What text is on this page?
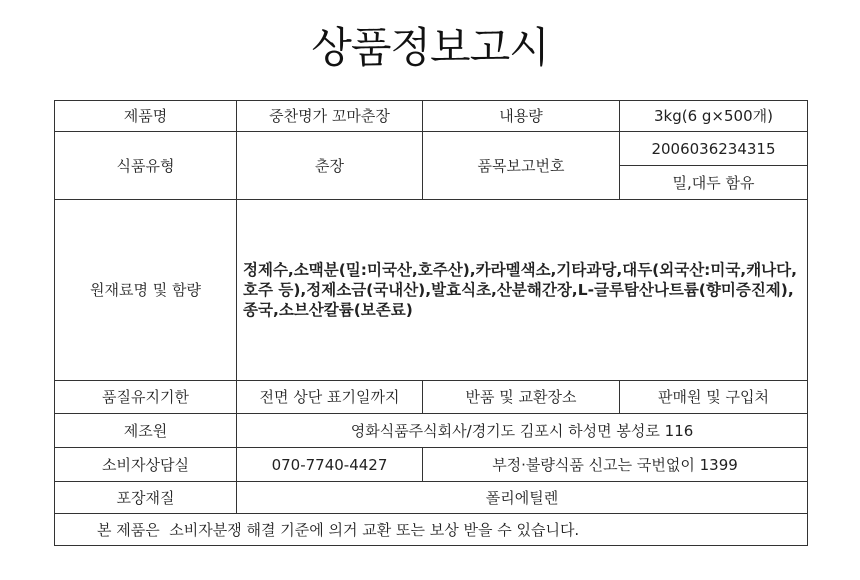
상품정보고시
제품명	중찬명가 꼬마춘장	내용량	3kg(6 g×500개)
식품유형	춘장	품목보고번호	2006036234315
			밀,대두 함유
원재료명 및 함량	정제수,소맥분(밀:미국산,호주산),카라멜색소,기타과당,대두(외국산:미국,캐나다,호주 등),정제소금(국내산),발효식초,산분해간장,L-글루탐산나트륨(향미증진제),종국,소브산칼륨(보존료)		
품질유지기한	전면 상단 표기일까지	반품 및 교환장소	판매원 및 구입처
제조원	영화식품주식회사/경기도 김포시 하성면 봉성로 116		
소비자상담실	070-7740-4427	부정·불량식품 신고는 국번없이 1399	
포장재질	폴리에틸렌		
본 제품은  소비자분쟁 해결 기준에 의거 교환 또는 보상 받을 수 있습니다.			
